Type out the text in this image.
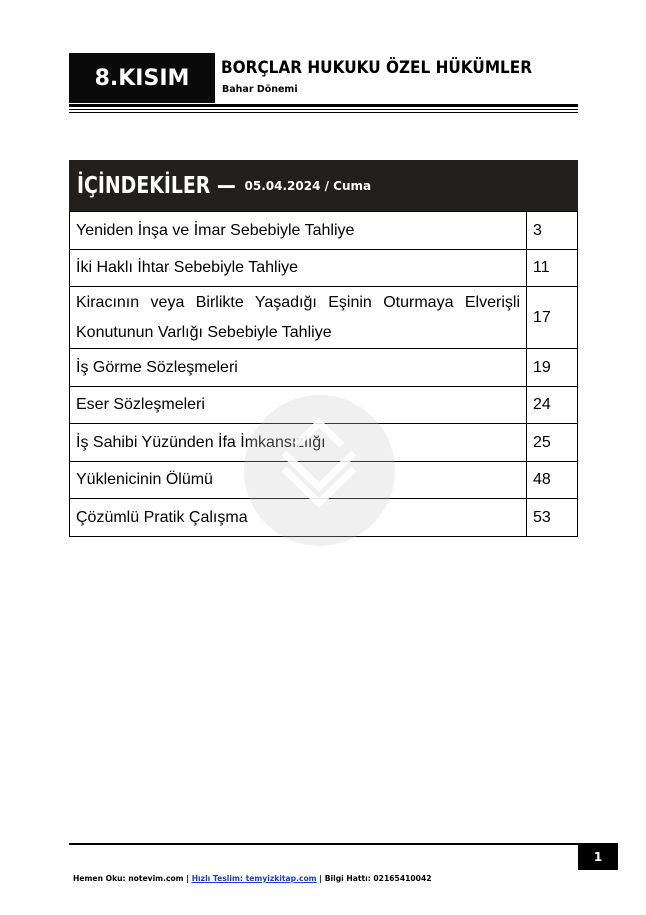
8.KISIM	BORÇLAR HUKUKU ÖZEL HÜKÜMLER
Bahar Dönemi
İÇİNDEKİLER — 05.04.2024 / Cuma
Yeniden İnşa ve İmar Sebebiyle Tahliye	3
İki Haklı İhtar Sebebiyle Tahliye	11
Kiracının veya Birlikte Yaşadığı Eşinin Oturmaya Elverişli Konutunun Varlığı Sebebiyle Tahliye	17
İş Görme Sözleşmeleri	19
Eser Sözleşmeleri	24
İş Sahibi Yüzünden İfa İmkansızlığı	25
Yüklenicinin Ölümü	48
Çözümlü Pratik Çalışma	53
1
Hemen Oku: notevim.com | Hızlı Teslim: temyizkitap.com | Bilgi Hattı: 02165410042
